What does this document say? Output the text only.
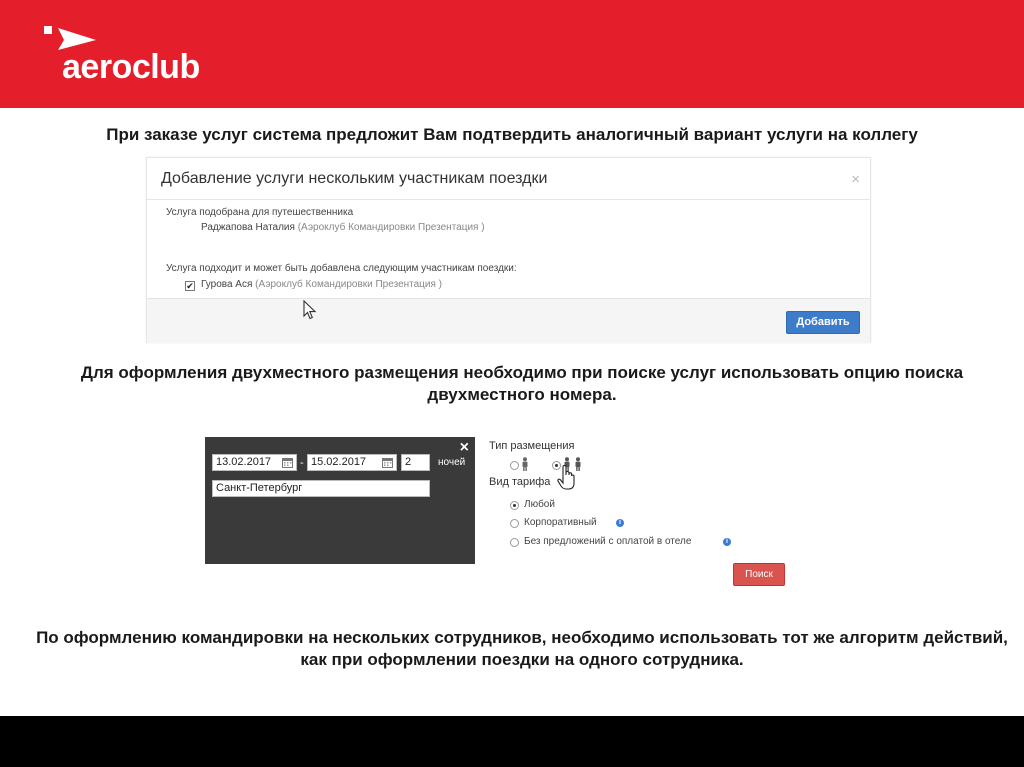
aeroclub
При заказе услуг система предложит Вам подтвердить аналогичный вариант услуги на коллегу
Добавление услуги нескольким участникам поездки	×
Услуга подобрана для путешественника
Раджапова Наталия (Аэроклуб Командировки Презентация )
Услуга подходит и может быть добавлена следующим участникам поездки:
✔ Гурова Ася (Аэроклуб Командировки Презентация )
Добавить
Для оформления двухместного размещения необходимо при поиске услуг использовать опцию поиска двухместного номера.
×
13.02.2017	- 15.02.2017	2	ночей
Санкт-Петербург
Тип размещения
Вид тарифа
Любой
Корпоративный	i
Без предложений с оплатой в отеле	i
Поиск
По оформлению командировки на нескольких сотрудников, необходимо использовать тот же алгоритм действий, как при оформлении поездки на одного сотрудника.
